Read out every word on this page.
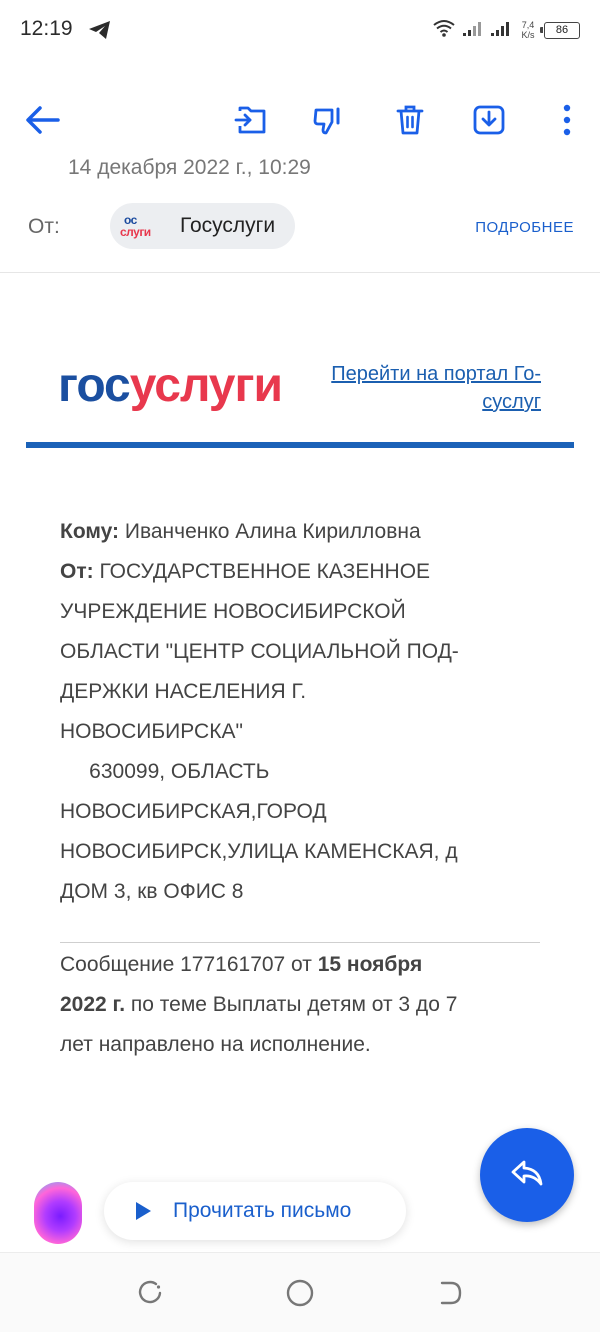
12:19	7,4
K/s	86
14 декабря 2022 г., 10:29
От:	ос
слуги	Госуслуги	ПОДРОБНЕЕ
госуслуги	Перейти на портал Го-
суслуг
Кому: Иванченко Алина Кирилловна
От: ГОСУДАРСТВЕННОЕ КАЗЕННОЕ
УЧРЕЖДЕНИЕ НОВОСИБИРСКОЙ
ОБЛАСТИ "ЦЕНТР СОЦИАЛЬНОЙ ПОД-
ДЕРЖКИ НАСЕЛЕНИЯ Г.
НОВОСИБИРСКА"
630099, ОБЛАСТЬ
НОВОСИБИРСКАЯ,ГОРОД
НОВОСИБИРСК,УЛИЦА КАМЕНСКАЯ, д
ДОМ 3, кв ОФИС 8
Сообщение 177161707 от 15 ноября
2022 г. по теме Выплаты детям от 3 до 7
лет направлено на исполнение.
Прочитать письмо
